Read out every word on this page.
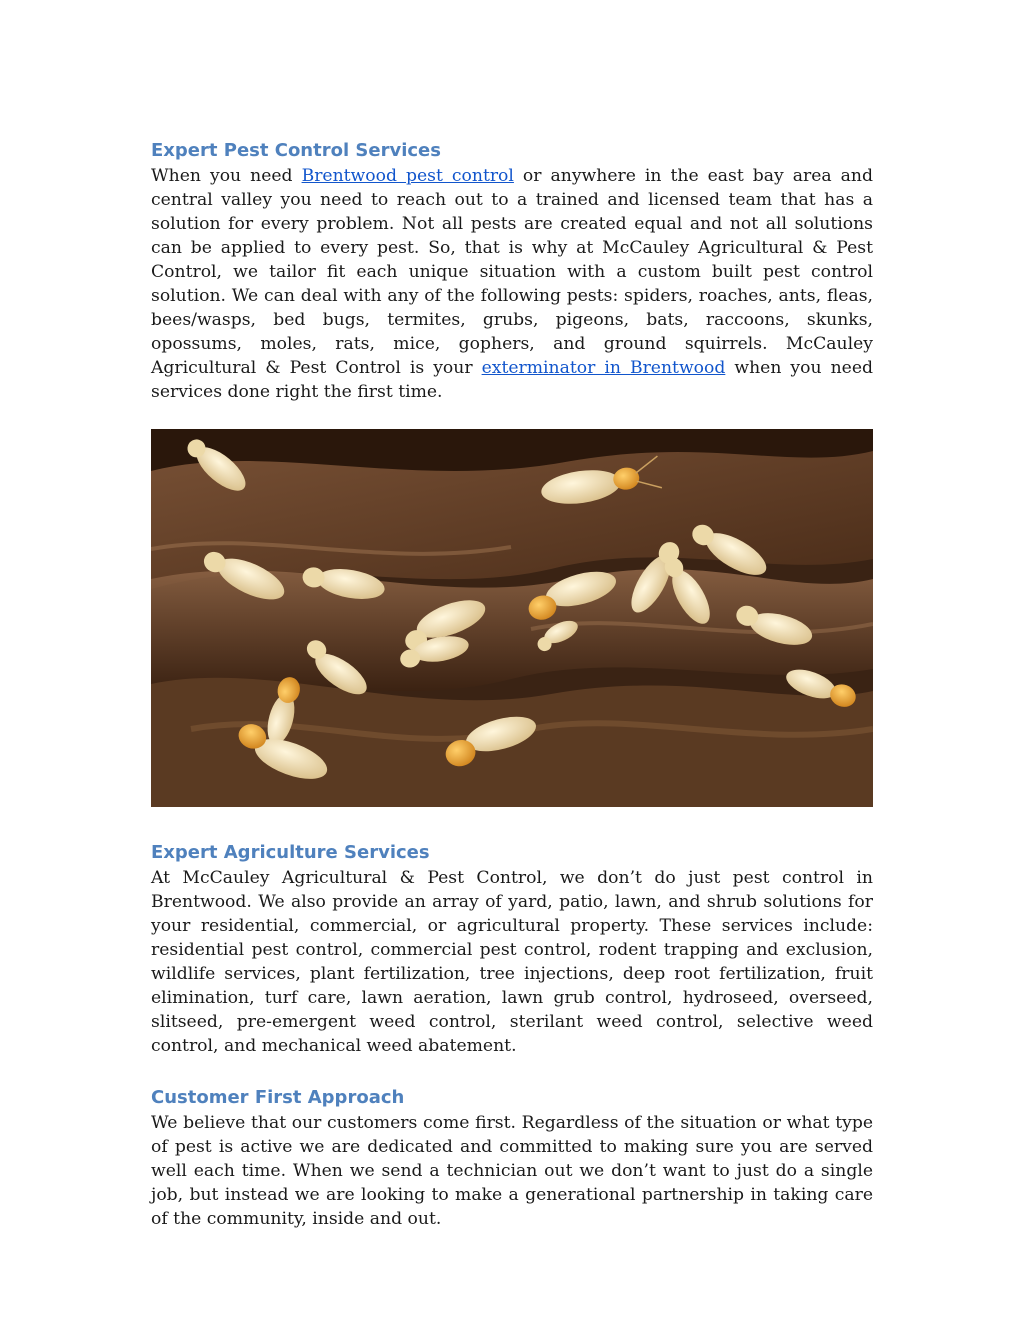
Expert Pest Control Services

When you need Brentwood pest control or anywhere in the east bay area and central valley you need to reach out to a trained and licensed team that has a solution for every problem. Not all pests are created equal and not all solutions can be applied to every pest. So, that is why at McCauley Agricultural & Pest Control, we tailor fit each unique situation with a custom built pest control solution. We can deal with any of the following pests: spiders, roaches, ants, fleas, bees/wasps, bed bugs, termites, grubs, pigeons, bats, raccoons, skunks, opossums, moles, rats, mice, gophers, and ground squirrels. McCauley Agricultural & Pest Control is your exterminator in Brentwood when you need services done right the first time.

Expert Agriculture Services

At McCauley Agricultural & Pest Control, we don’t do just pest control in Brentwood. We also provide an array of yard, patio, lawn, and shrub solutions for your residential, commercial, or agricultural property. These services include: residential pest control, commercial pest control, rodent trapping and exclusion, wildlife services, plant fertilization, tree injections, deep root fertilization, fruit elimination, turf care, lawn aeration, lawn grub control, hydroseed, overseed, slitseed, pre-emergent weed control, sterilant weed control, selective weed control, and mechanical weed abatement.

Customer First Approach

We believe that our customers come first. Regardless of the situation or what type of pest is active we are dedicated and committed to making sure you are served well each time. When we send a technician out we don’t want to just do a single job, but instead we are looking to make a generational partnership in taking care of the community, inside and out.
